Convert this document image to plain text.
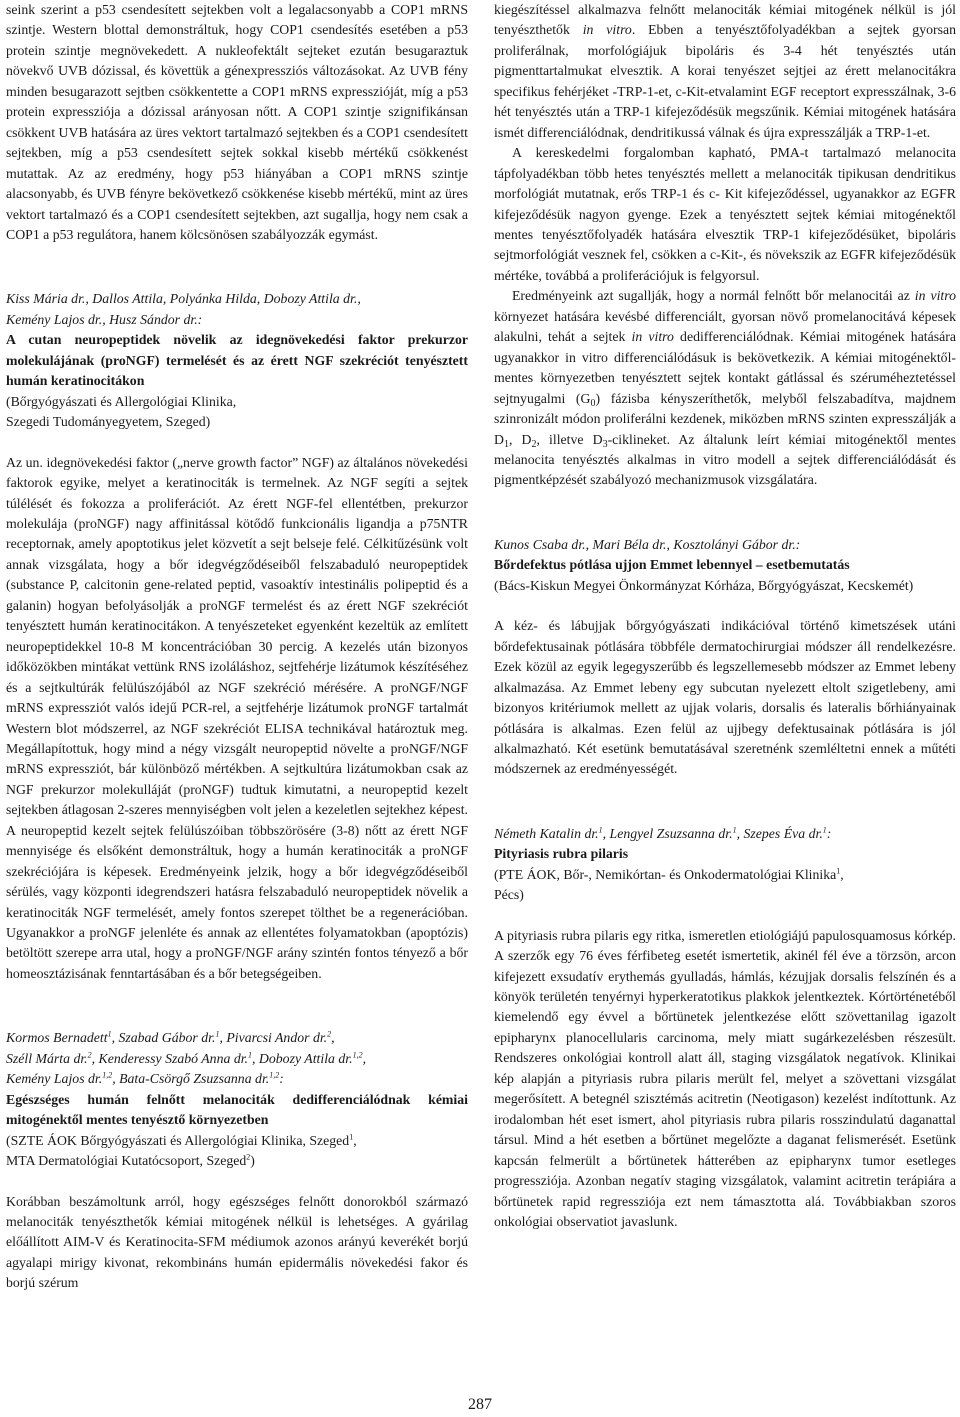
seink szerint a p53 csendesített sejtekben volt a legalacsonyabb a COP1 mRNS szintje. Western blottal demonstráltuk, hogy COP1 csendesítés esetében a p53 protein szintje megnövekedett. A nukleofektált sejteket ezután besugaraztuk növekvő UVB dózissal, és követtük a génexpressziós változásokat. Az UVB fény minden besugarazott sejtben csökkentette a COP1 mRNS expresszióját, míg a p53 protein expressziója a dózissal arányosan nőtt. A COP1 szintje szignifikánsan csökkent UVB hatására az üres vektort tartalmazó sejtekben és a COP1 csendesített sejtekben, míg a p53 csendesített sejtek sokkal kisebb mértékű csökkenést mutattak. Az az eredmény, hogy p53 hiányában a COP1 mRNS szintje alacsonyabb, és UVB fényre bekövetkező csökkenése kisebb mértékű, mint az üres vektort tartalmazó és a COP1 csendesített sejtekben, azt sugallja, hogy nem csak a COP1 a p53 regulátora, hanem kölcsönösen szabályozzák egymást.

Kiss Mária dr., Dallos Attila, Polyánka Hilda, Dobozy Attila dr.,
Kemény Lajos dr., Husz Sándor dr.:

A cutan neuropeptidek növelik az idegnövekedési faktor prekurzor molekulájának (proNGF) termelését és az érett NGF szekréciót tenyésztett humán keratinocitákon

(Bőrgyógyászati és Allergológiai Klinika,
Szegedi Tudományegyetem, Szeged)

Az un. idegnövekedési faktor („nerve growth factor” NGF) az általános növekedési faktorok egyike, melyet a keratinociták is termelnek. Az NGF segíti a sejtek túlélését és fokozza a proliferációt. Az érett NGF-fel ellentétben, prekurzor molekulája (proNGF) nagy affinitással kötődő funkcionális ligandja a p75NTR receptornak, amely apoptotikus jelet közvetít a sejt belseje felé. Célkitűzésünk volt annak vizsgálata, hogy a bőr idegvégződéseiből felszabaduló neuropeptidek (substance P, calcitonin gene-related peptid, vasoaktív intestinális polipeptid és a galanin) hogyan befolyásolják a proNGF termelést és az érett NGF szekréciót tenyésztett humán keratinocitákon. A tenyészeteket egyenként kezeltük az említett neuropeptidekkel 10-8 M koncentrációban 30 percig. A kezelés után bizonyos időközökben mintákat vettünk RNS izoláláshoz, sejtfehérje lizátumok készítéséhez és a sejtkultúrák felülúszójából az NGF szekréció mérésére. A proNGF/NGF mRNS expressziót valós idejű PCR-rel, a sejtfehérje lizátumok proNGF tartalmát Western blot módszerrel, az NGF szekréciót ELISA technikával határoztuk meg. Megállapítottuk, hogy mind a négy vizsgált neuropeptid növelte a proNGF/NGF mRNS expressziót, bár különböző mértékben. A sejtkultúra lizátumokban csak az NGF prekurzor molekulláját (proNGF) tudtuk kimutatni, a neuropeptid kezelt sejtekben átlagosan 2-szeres mennyiségben volt jelen a kezeletlen sejtekhez képest. A neuropeptid kezelt sejtek felülúszóiban többszörösére (3-8) nőtt az érett NGF mennyisége és elsőként demonstráltuk, hogy a humán keratinociták a proNGF szekréciójára is képesek. Eredményeink jelzik, hogy a bőr idegvégződéseiből sérülés, vagy központi idegrendszeri hatásra felszabaduló neuropeptidek növelik a keratinociták NGF termelését, amely fontos szerepet tölthet be a regenerációban. Ugyanakkor a proNGF jelenléte és annak az ellentétes folyamatokban (apoptózis) betöltött szerepe arra utal, hogy a proNGF/NGF arány szintén fontos tényező a bőr homeosztázisának fenntartásában és a bőr betegségeiben.

Kormos Bernadett$^1$, Szabad Gábor dr.$^1$, Pivarcsi Andor dr.$^2$,
Széll Márta dr.$^2$, Kenderessy Szabó Anna dr.$^1$, Dobozy Attila dr.$^{1,2}$,
Kemény Lajos dr.$^{1,2}$, Bata-Csörgő Zsuzsanna dr.$^{1,2}$:

Egészséges humán felnőtt melanociták dedifferenciálódnak kémiai mitogénektől mentes tenyésztő környezetben

(SZTE ÁOK Bőrgyógyászati és Allergológiai Klinika, Szeged$^1$,
MTA Dermatológiai Kutatócsoport, Szeged$^2$)

Korábban beszámoltunk arról, hogy egészséges felnőtt donorokból származó melanociták tenyészthetők kémiai mitogének nélkül is lehetséges. A gyárilag előállított AIM-V és Keratinocita-SFM médiumok azonos arányú keverékét borjú agyalapi mirigy kivonat, rekombináns humán epidermális növekedési fakor és borjú szérum

kiegészítéssel alkalmazva felnőtt melanociták kémiai mitogének nélkül is jól tenyészthetők in vitro. Ebben a tenyésztőfolyadékban a sejtek gyorsan proliferálnak, morfológiájuk bipoláris és 3-4 hét tenyésztés után pigmenttartalmukat elvesztik. A korai tenyészet sejtjei az érett melanocitákra specifikus fehérjéket -TRP-1-et, c-Kit-etvalamint EGF receptort expresszálnak, 3-6 hét tenyésztés után a TRP-1 kifejeződésük megszűnik. Kémiai mitogének hatására ismét differenciálódnak, dendritikussá válnak és újra expresszálják a TRP-1-et.

A kereskedelmi forgalomban kapható, PMA-t tartalmazó melanocita tápfolyadékban több hetes tenyésztés mellett a melanociták tipikusan dendritikus morfológiát mutatnak, erős TRP-1 és c- Kit kifejeződéssel, ugyanakkor az EGFR kifejeződésük nagyon gyenge. Ezek a tenyésztett sejtek kémiai mitogénektől mentes tenyésztőfolyadék hatására elvesztik TRP-1 kifejeződésüket, bipoláris sejtmorfológiát vesznek fel, csökken a c-Kit-, és növekszik az EGFR kifejeződésük mértéke, továbbá a proliferációjuk is felgyorsul.

Eredményeink azt sugallják, hogy a normál felnőtt bőr melanocitái az in vitro környezet hatására kevésbé differenciált, gyorsan növő promelanocitává képesek alakulni, tehát a sejtek in vitro dedifferenciálódnak. Kémiai mitogének hatására ugyanakkor in vitro differenciálódásuk is bekövetkezik. A kémiai mitogénektől-mentes környezetben tenyésztett sejtek kontakt gátlással és széruméheztetéssel sejtnyugalmi $(G_0)$ fázisba kényszeríthetők, melyből felszabadítva, majdnem szinronizált módon proliferálni kezdenek, miközben mRNS szinten expresszálják a $D_1$, $D_2$, illetve $D_3$-ciklineket. Az általunk leírt kémiai mitogénektől mentes melanocita tenyésztés alkalmas in vitro modell a sejtek differenciálódását és pigmentképzését szabályozó mechanizmusok vizsgálatára.

Kunos Csaba dr., Mari Béla dr., Kosztolányi Gábor dr.:

Bőrdefektus pótlása ujjon Emmet lebennyel – esetbemutatás

(Bács-Kiskun Megyei Önkormányzat Kórháza, Bőrgyógyászat, Kecskemét)

A kéz- és lábujjak bőrgyógyászati indikációval történő kimetszések utáni bőrdefektusainak pótlására többféle dermatochirurgiai módszer áll rendelkezésre. Ezek közül az egyik legegyszerűbb és legszellemesebb módszer az Emmet lebeny alkalmazása. Az Emmet lebeny egy subcutan nyelezett eltolt szigetlebeny, ami bizonyos kritériumok mellett az ujjak volaris, dorsalis és lateralis bőrhiányainak pótlására is alkalmas. Ezen felül az ujjbegy defektusainak pótlására is jól alkalmazható. Két esetünk bemutatásával szeretnénk szemléltetni ennek a műtéti módszernek az eredményességét.

Németh Katalin dr.$^1$, Lengyel Zsuzsanna dr.$^1$, Szepes Éva dr.$^1$:

Pityriasis rubra pilaris

(PTE ÁOK, Bőr-, Nemikórtan- és Onkodermatológiai Klinika$^1$,
Pécs)

A pityriasis rubra pilaris egy ritka, ismeretlen etiológiájú papulosquamosus kórkép. A szerzők egy 76 éves férfibeteg esetét ismertetik, akinél fél éve a törzsön, arcon kifejezett exsudatív erythemás gyulladás, hámlás, kézujjak dorsalis felszínén és a könyök területén tenyérnyi hyperkeratotikus plakkok jelentkeztek. Kórtörténetéből kiemelendő egy évvel a bőrtünetek jelentkezése előtt szövettanilag igazolt epipharynx planocellularis carcinoma, mely miatt sugárkezelésben részesült. Rendszeres onkológiai kontroll alatt áll, staging vizsgálatok negatívok. Klinikai kép alapján a pityriasis rubra pilaris merült fel, melyet a szövettani vizsgálat megerősített. A betegnél szisztémás acitretin (Neotigason) kezelést indítottunk. Az irodalomban hét eset ismert, ahol pityriasis rubra pilaris rosszindulatú daganattal társul. Mind a hét esetben a bőrtünet megelőzte a daganat felismerését. Esetünk kapcsán felmerült a bőrtünetek hátterében az epipharynx tumor esetleges progressziója. Azonban negatív staging vizsgálatok, valamint acitretin terápiára a bőrtünetek rapid regressziója ezt nem támasztotta alá. Továbbiakban szoros onkológiai observatiot javaslunk.

287
